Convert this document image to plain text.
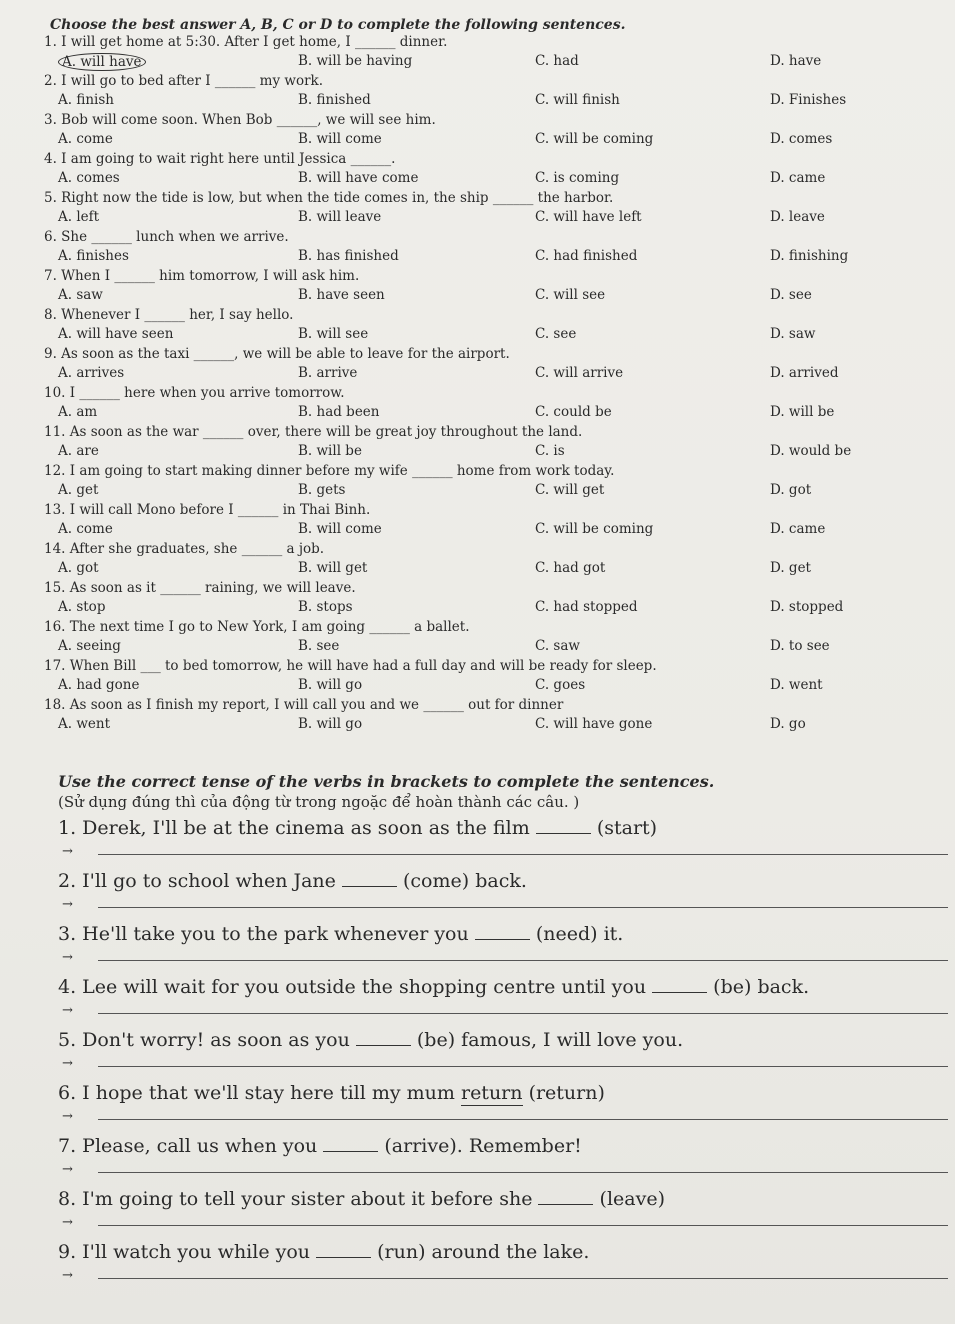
Choose the best answer A, B, C or D to complete the following sentences.
1. I will get home at 5:30. After I get home, I ______ dinner.
A. will have	B. will be having	C. had	D. have
2. I will go to bed after I ______ my work.
A. finish	B. finished	C. will finish	D. Finishes
3. Bob will come soon. When Bob ______, we will see him.
A. come	B. will come	C. will be coming	D. comes
4. I am going to wait right here until Jessica ______.
A. comes	B. will have come	C. is coming	D. came
5. Right now the tide is low, but when the tide comes in, the ship ______ the harbor.
A. left	B. will leave	C. will have left	D. leave
6. She ______ lunch when we arrive.
A. finishes	B. has finished	C. had finished	D. finishing
7. When I ______ him tomorrow, I will ask him.
A. saw	B. have seen	C. will see	D. see
8. Whenever I ______ her, I say hello.
A. will have seen	B. will see	C. see	D. saw
9. As soon as the taxi ______, we will be able to leave for the airport.
A. arrives	B. arrive	C. will arrive	D. arrived
10. I ______ here when you arrive tomorrow.
A. am	B. had been	C. could be	D. will be
11. As soon as the war ______ over, there will be great joy throughout the land.
A. are	B. will be	C. is	D. would be
12. I am going to start making dinner before my wife ______ home from work today.
A. get	B. gets	C. will get	D. got
13. I will call Mono before I ______ in Thai Binh.
A. come	B. will come	C. will be coming	D. came
14. After she graduates, she ______ a job.
A. got	B. will get	C. had got	D. get
15. As soon as it ______ raining, we will leave.
A. stop	B. stops	C. had stopped	D. stopped
16. The next time I go to New York, I am going ______ a ballet.
A. seeing	B. see	C. saw	D. to see
17. When Bill ___ to bed tomorrow, he will have had a full day and will be ready for sleep.
A. had gone	B. will go	C. goes	D. went
18. As soon as I finish my report, I will call you and we ______ out for dinner
A. went	B. will go	C. will have gone	D. go
Use the correct tense of the verbs in brackets to complete the sentences.
(Sử dụng đúng thì của động từ trong ngoặc để hoàn thành các câu. )
1. Derek, I'll be at the cinema as soon as the film	(start)
→
2. I'll go to school when Jane	(come) back.
→
3. He'll take you to the park whenever you	(need) it.
→
4. Lee will wait for you outside the shopping centre until you	(be) back.
→
5. Don't worry! as soon as you	(be) famous, I will love you.
→
6. I hope that we'll stay here till my mum return (return)
→
7. Please, call us when you	(arrive). Remember!
→
8. I'm going to tell your sister about it before she	(leave)
→
9. I'll watch you while you	(run) around the lake.
→
